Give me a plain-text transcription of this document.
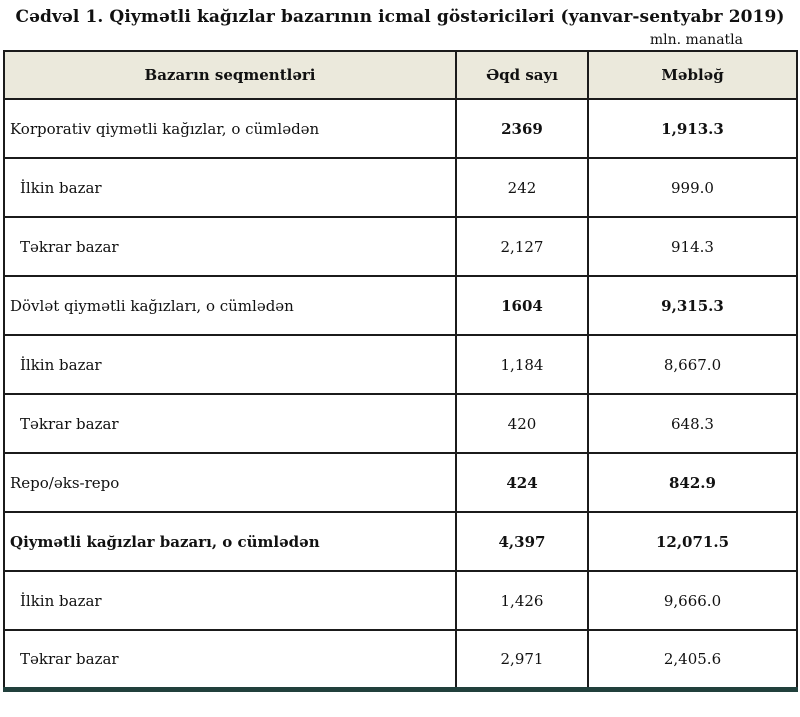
Cədvəl 1. Qiymətli kağızlar bazarının icmal göstəriciləri (yanvar-sentyabr 2019)
mln. manatla
Bazarın seqmentləri	Əqd sayı	Məbləğ
Korporativ qiymətli kağızlar, o cümlədən	2369	1,913.3
İlkin bazar	242	999.0
Təkrar bazar	2,127	914.3
Dövlət qiymətli kağızları, o cümlədən	1604	9,315.3
İlkin bazar	1,184	8,667.0
Təkrar bazar	420	648.3
Repo/əks-repo	424	842.9
Qiymətli kağızlar bazarı, o cümlədən	4,397	12,071.5
İlkin bazar	1,426	9,666.0
Təkrar bazar	2,971	2,405.6
